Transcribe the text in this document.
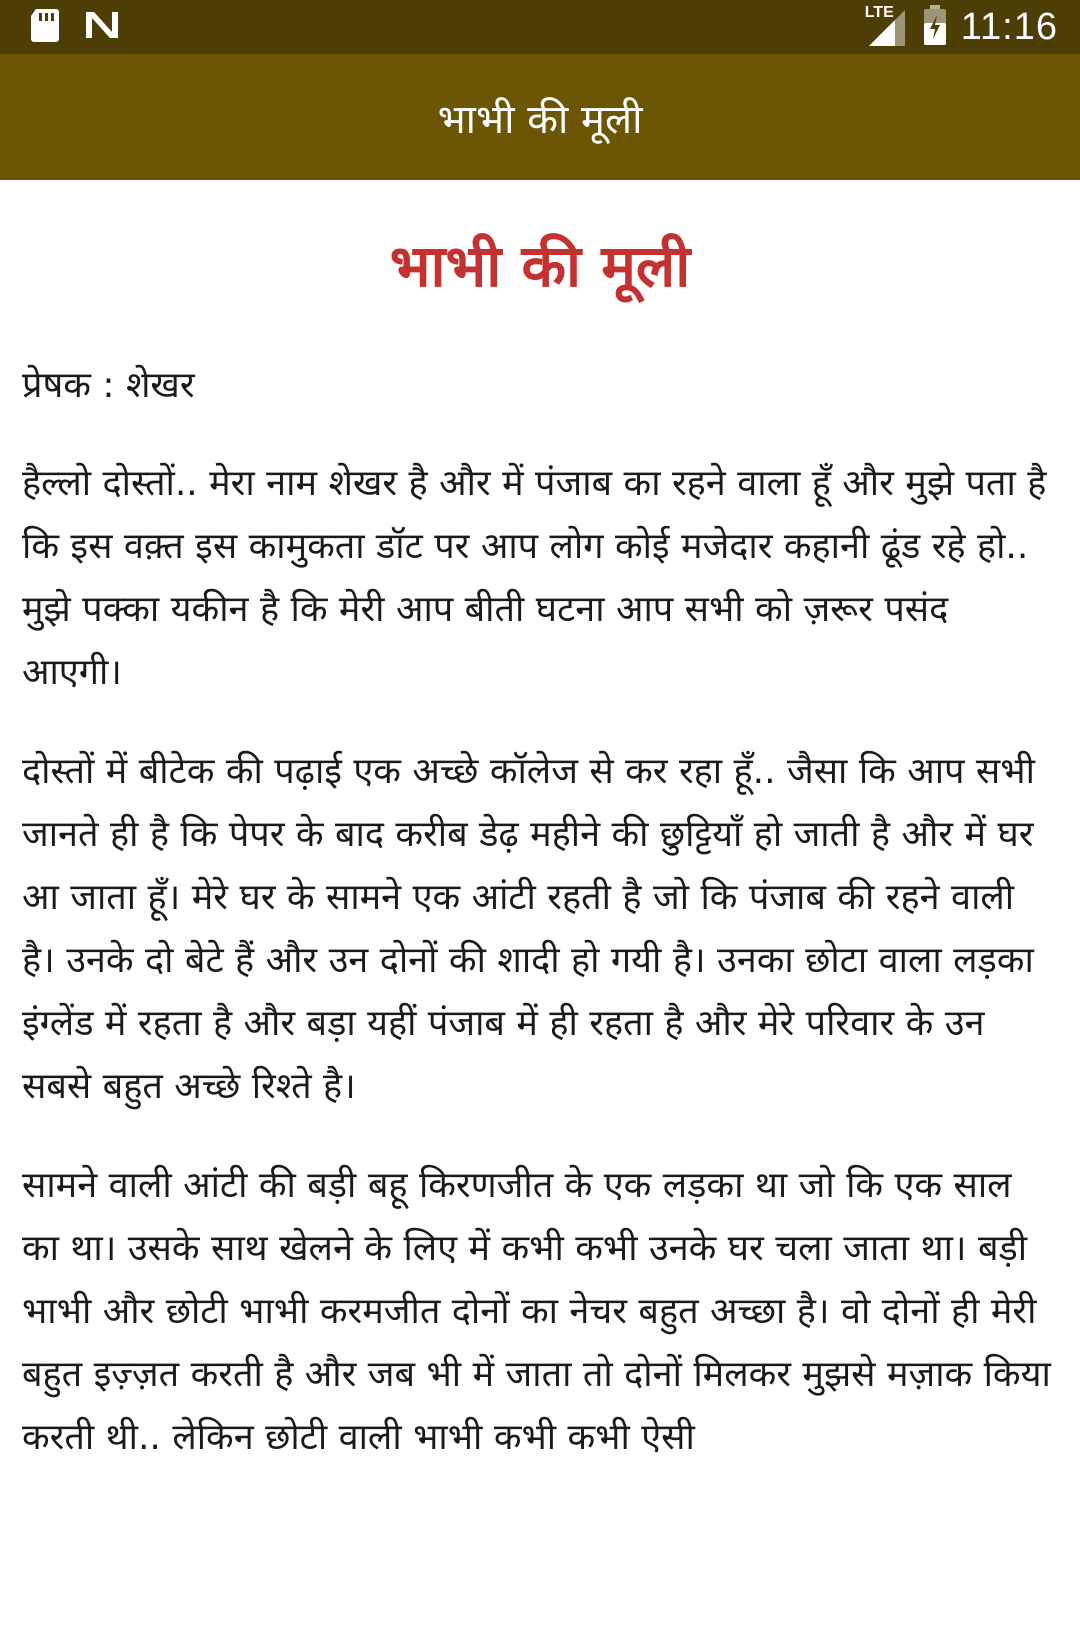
LTE 11:16
भाभी की मूली
भाभी की मूली
प्रेषक : शेखर
हैल्लो दोस्तों.. मेरा नाम शेखर है और में पंजाब का रहने वाला हूँ और मुझे पता है कि इस वक़्त इस कामुकता डॉट पर आप लोग कोई मजेदार कहानी ढूंड रहे हो.. मुझे पक्का यकीन है कि मेरी आप बीती घटना आप सभी को ज़रूर पसंद आएगी।
दोस्तों में बीटेक की पढ़ाई एक अच्छे कॉलेज से कर रहा हूँ.. जैसा कि आप सभी जानते ही है कि पेपर के बाद करीब डेढ़ महीने की छुट्टियाँ हो जाती है और में घर आ जाता हूँ। मेरे घर के सामने एक आंटी रहती है जो कि पंजाब की रहने वाली है। उनके दो बेटे हैं और उन दोनों की शादी हो गयी है। उनका छोटा वाला लड़का इंग्लेंड में रहता है और बड़ा यहीं पंजाब में ही रहता है और मेरे परिवार के उन सबसे बहुत अच्छे रिश्ते है।
सामने वाली आंटी की बड़ी बहू किरणजीत के एक लड़का था जो कि एक साल का था। उसके साथ खेलने के लिए में कभी कभी उनके घर चला जाता था। बड़ी भाभी और छोटी भाभी करमजीत दोनों का नेचर बहुत अच्छा है। वो दोनों ही मेरी बहुत इज़्ज़त करती है और जब भी में जाता तो दोनों मिलकर मुझसे मज़ाक किया करती थी.. लेकिन छोटी वाली भाभी कभी कभी ऐसी
